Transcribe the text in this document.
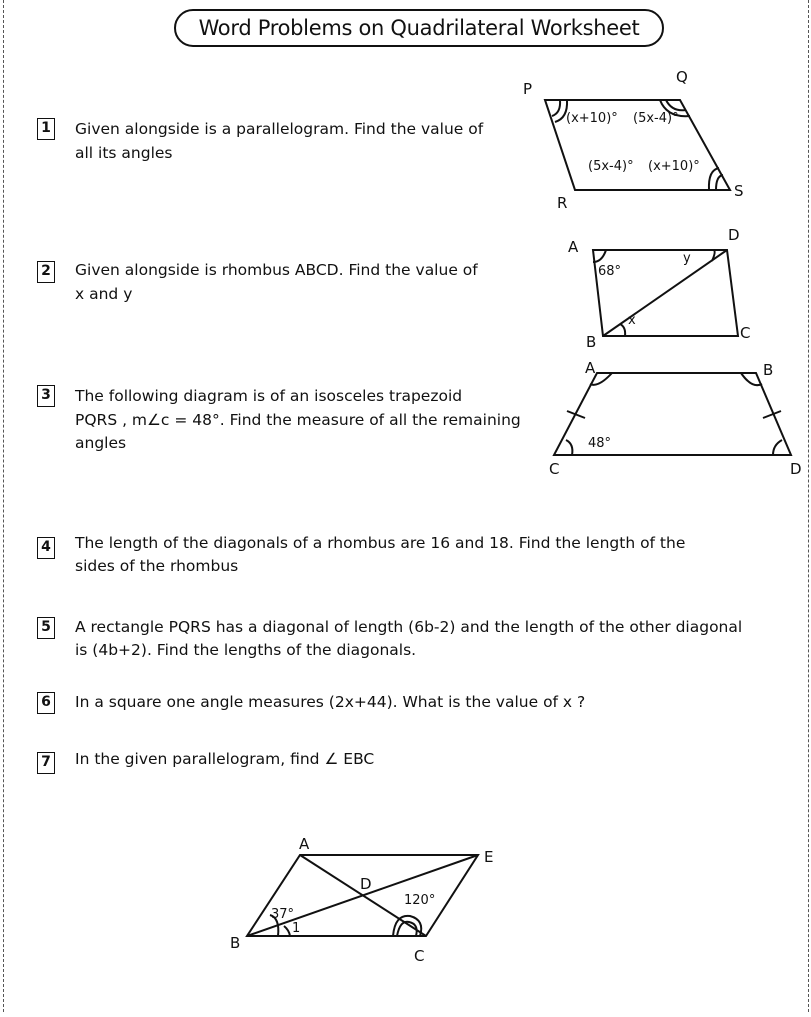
Word Problems on Quadrilateral Worksheet
1 Given alongside is a parallelogram. Find the value of
all its angles
2 Given alongside is rhombus ABCD. Find the value of
x and y
3 The following diagram is of an isosceles trapezoid
PQRS , m∠c = 48°. Find the measure of all the remaining
angles
4 The length of the diagonals of a rhombus are 16 and 18. Find the length of the
sides of the rhombus
5 A rectangle PQRS has a diagonal of length (6b-2) and the length of the other diagonal
is (4b+2). Find the lengths of the diagonals.
6 In a square one angle measures (2x+44). What is the value of x ?
7 In the given parallelogram, find ∠ EBC
P
Q
R
S
(x+10)° (5x-4)°
(5x-4)° (x+10)°
A
D
B	C
68°
y
x
A	B
C	D
48°
A
E
D
B
C
37°
120°
1
